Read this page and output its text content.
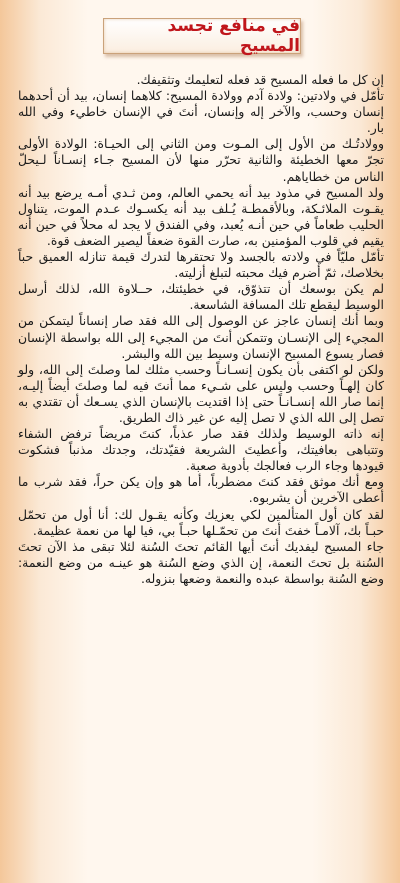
في منافع تجسد المسيح

إن كل ما فعله المسيح قد فعله لتعليمك وتثقيفك.

تأمّل في ولادتين: ولادة آدم وولادة المسيح: كلاهما إنسان، بيد أن أحدهما إنسان وحسب، والآخر إله وإنسان، أنتَ في الإنسان خاطيء وفي الله بار.

وولادتُـك من الأول إلى المـوت ومن الثاني إلى الحيـاة: الولادة الأولى تجرّ معها الخطيئة والثانية تحرّر منها لأن المسيح جـاء إنسـاناً لـيحلّ الناس من خطاياهم.

ولد المسيح في مذود بيد أنه يحمي العالم، ومن ثـدي أمـه يرضع بيد أنه يقـوت الملائـكة، وبالأقمطـة يُـلف بيد أنه يكسـوك عـدم الموت، يتناول الحليب طعاماً في حين أنـه يُعبد، وفي الفندق لا يجد له محلاً في حين أنه يقيم في قلوب المؤمنين به، صارت القوة ضعفاً ليصير الضعف قوة.

تأمّل مليّاً في ولادته بالجسد ولا تحتقرها لتدرك قيمة تنازله العميق حباً بخلاصك، ثمّ أضرم فيك محبته لتبلغ أزليته.

لم يكن بوسعك أن تتذوّق، في خطيئتك، حــلاوة الله، لذلك أرسل الوسيط ليقطع تلك المسافة الشاسعة.

وبما أنك إنسان عاجز عن الوصول إلى الله فقد صار إنساناً ليتمكن من المجيء إلى الإنسـان وتتمكن أنتَ من المجيء إلى الله بواسطة الإنسان فصار يسوع المسيح الإنسان وسيط بين الله والبشر.

ولكن لو اكتفى بأن يكون إنسـانـاً وحسب مثلك لما وصلتَ إلى الله، ولو كان إلهـاً وحسب وليس على شـيء مما أنتَ فيه لما وصلتَ أيضاً إليـه، إنما صار الله إنسـانـاً حتى إذا اقتديت بالإنسان الذي يسـعك أن تقتدي به تصل إلى الله الذي لا تصل إليه عن غير ذاك الطريق.

إنه ذاته الوسيط ولذلك فقد صار عذباً، كنتَ مريضاً ترفض الشفاء وتتباهى بعافيتك، وأعطيتَ الشريعة فقيّدتك، وجدتك مذنباً فشكوت قيودها وجاء الرب فعالجك بأدوية صعبة.

ومع أنك موثق فقد كنتَ مضطرباً، أما هو وإن يكن حراً، فقد شرب ما أعطى الآخرين أن يشربوه.

لقد كان أول المتألمين لكي يعزيك وكأنه يقـول لك: أنا أول من تحمّل حبـاً بك، آلامـاً خفتَ أنتَ من تحمّـلها حبـاً بي، فيا لها من نعمة عظيمة.

جاء المسيح ليفديك أنتَ أيها القائم تحتَ السُنة لئلا تبقى مذ الآن تحتَ السُنة بل تحتَ النعمة، إن الذي وضع السُنة هو عينـه من وضع النعمة: وضع السُنة بواسطة عبده والنعمة وضعها بنزوله.
